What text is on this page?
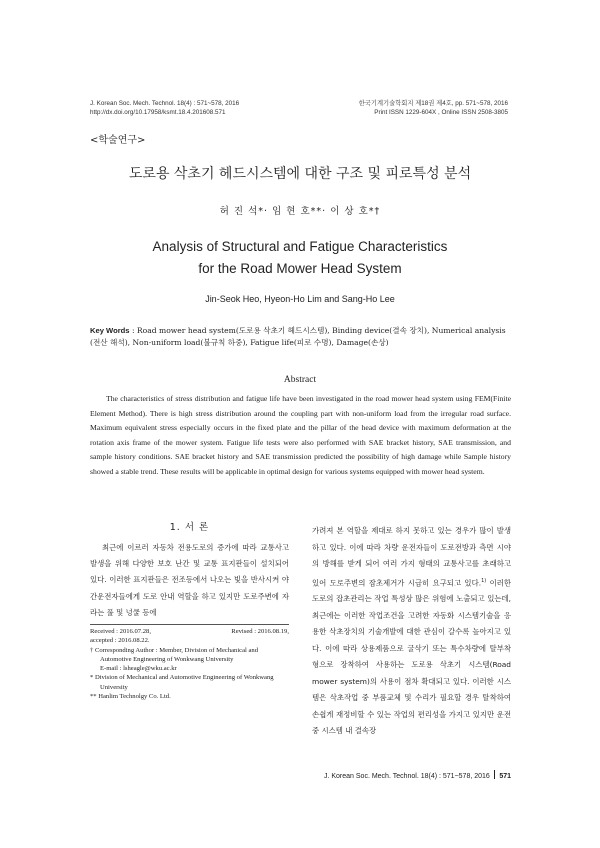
J. Korean Soc. Mech. Technol. 18(4) : 571~578, 2016
http://dx.doi.org/10.17958/ksmt.18.4.201608.571
한국기계기술학회지 제18권 제4호, pp. 571~578, 2016
Print ISSN 1229-604X , Online ISSN 2508-3805
<학술연구>
도로용 삭초기 헤드시스템에 대한 구조 및 피로특성 분석
허 진 석*· 임 현 호**· 이 상 호*†
Analysis of Structural and Fatigue Characteristics
for the Road Mower Head System
Jin-Seok Heo, Hyeon-Ho Lim and Sang-Ho Lee
Key Words : Road mower head system(도로용 삭초기 헤드시스템), Binding device(결속 장치), Numerical analysis (전산 해석), Non-uniform load(불규칙 하중), Fatigue life(피로 수명), Damage(손상)
Abstract
The characteristics of stress distribution and fatigue life have been investigated in the road mower head system using FEM(Finite Element Method). There is high stress distribution around the coupling part with non-uniform load from the irregular road surface. Maximum equivalent stress especially occurs in the fixed plate and the pillar of the head device with maximum deformation at the rotation axis frame of the mower system. Fatigue life tests were also performed with SAE bracket history, SAE transmission, and sample history conditions. SAE bracket history and SAE transmission predicted the possibility of high damage while Sample history showed a stable trend. These results will be applicable in optimal design for various systems equipped with mower head system.
1. 서 론
최근에 이르러 자동차 전용도로의 증가에 따라 교통사고 발생을 위해 다양한 보호 난간 및 교통 표지판들이 설치되어 있다. 이러한 표지판들은 전조등에서 나오는 빛을 반사시켜 야간운전자들에게 도로 안내 역할을 하고 있지만 도로주변에 자라는 풀 및 넝쿨 등에
Received : 2016.07.28,	Revised : 2016.08.19,
accepted : 2016.08.22.
† Corresponding Author : Member, Division of Mechanical and Automotive Engineering of Wonkwang University
E-mail : lsheagle@wku.ac.kr
* Division of Mechanical and Automotive Engineering of Wonkwang University
** Hanlim Technolgy Co. Ltd.
가려져 본 역할을 제대로 하지 못하고 있는 경우가 많이 발생하고 있다. 이에 따라 차량 운전자들이 도로전방과 측면 시야의 방해를 받게 되어 여러 가지 형태의 교통사고를 초래하고 있어 도로주변의 잡초제거가 시급히 요구되고 있다.$^{1)}$ 이러한 도로의 잡초관리는 작업 특성상 많은 위험에 노출되고 있는데, 최근에는 이러한 작업조건을 고려한 자동화 시스템기술을 응용한 삭초장치의 기술개발에 대한 관심이 갈수록 높아지고 있다. 이에 따라 상용제품으로 굴삭기 또는 특수차량에 탈부착 형으로 장착하여 사용하는 도로용 삭초기 시스템(Road mower system)의 사용이 점차 확대되고 있다. 이러한 시스템은 삭초작업 중 부품교체 및 수리가 필요할 경우 탈착하여 손쉽게 재정비할 수 있는 작업의 편리성을 가지고 있지만 운전 중 시스템 내 결속장
J. Korean Soc. Mech. Technol. 18(4) : 571~578, 2016 571
